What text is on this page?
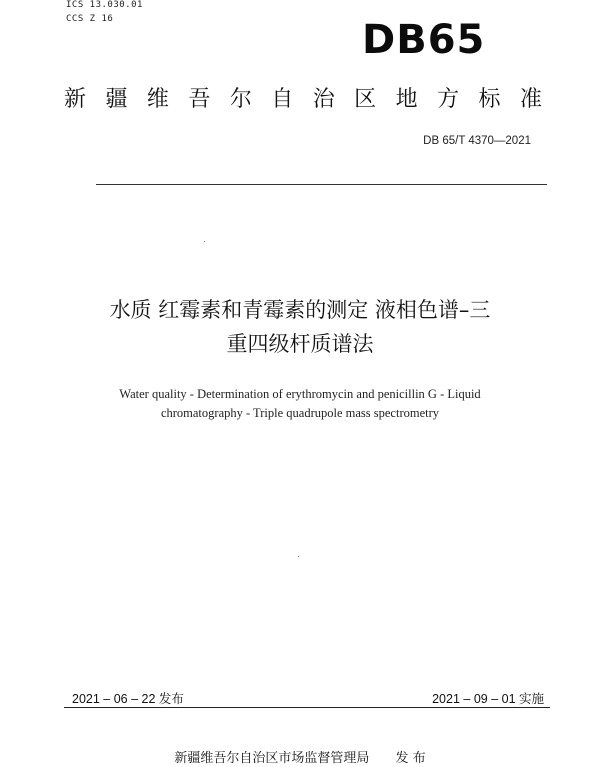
ICS 13.030.01
CCS Z 16	DB65
新 疆 维 吾 尔 自 治 区 地 方 标 准
DB 65/T 4370—2021
水质 红霉素和青霉素的测定 液相色谱–三
重四级杆质谱法
Water quality - Determination of erythromycin and penicillin G - Liquid
chromatography - Triple quadrupole mass spectrometry
2021 – 06 – 22 发布	2021 – 09 – 01 实施
新疆维吾尔自治区市场监督管理局 发 布
